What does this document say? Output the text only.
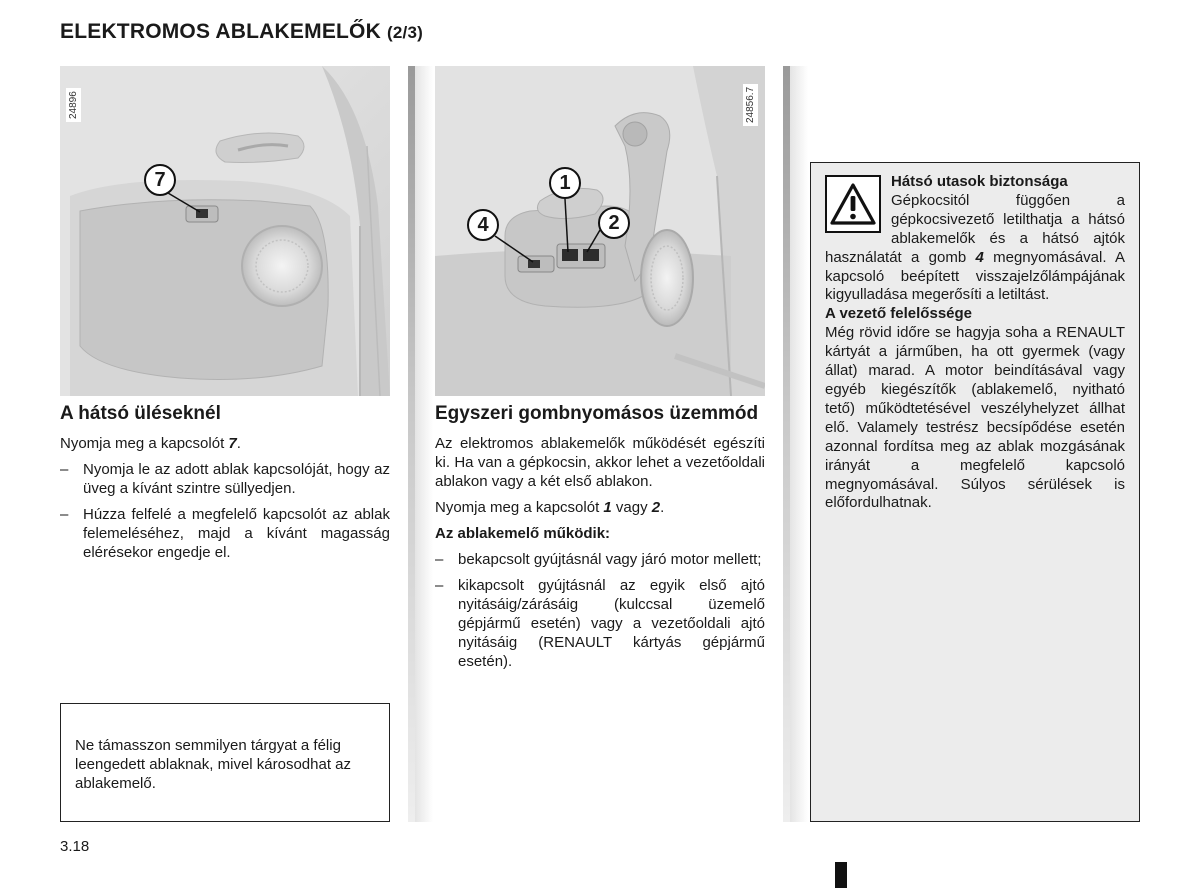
ELEKTROMOS ABLAKEMELŐK (2/3)
24896
7
24856.7
1
2
4
A hátsó üléseknél

Nyomja meg a kapcsolót 7.

– Nyomja le az adott ablak kapcsolóját, hogy az üveg a kívánt szintre süllyedjen.
– Húzza felfelé a megfelelő kapcsolót az ablak felemeléséhez, majd a kívánt magasság elérésekor engedje el.

Ne támasszon semmilyen tárgyat a félig leengedett ablaknak, mivel károsodhat az ablakemelő.

Egyszeri gombnyomásos üzemmód

Az elektromos ablakemelők működését egészíti ki. Ha van a gépkocsin, akkor lehet a vezetőoldali ablakon vagy a két első ablakon.

Nyomja meg a kapcsolót 1 vagy 2.

Az ablakemelő működik:

– bekapcsolt gyújtásnál vagy járó motor mellett;
– kikapcsolt gyújtásnál az egyik első ajtó nyitásáig/zárásáig (kulccsal üzemelő gépjármű esetén) vagy a vezetőoldali ajtó nyitásáig (RENAULT kártyás gépjármű esetén).

Hátsó utasok biztonsága

Gépkocsitól függően a gépkocsivezető letilthatja a hátsó ablakemelők és a hátsó ajtók használatát a gomb 4 megnyomásával. A kapcsoló beépített visszajelzőlámpájának kigyulladása megerősíti a letiltást.

A vezető felelőssége

Még rövid időre se hagyja soha a RENAULT kártyát a járműben, ha ott gyermek (vagy állat) marad. A motor beindításával vagy egyéb kiegészítők (ablakemelő, nyitható tető) működtetésével veszélyhelyzet állhat elő. Valamely testrész becsípődése esetén azonnal fordítsa meg az ablak mozgásának irányát a megfelelő kapcsoló megnyomásával. Súlyos sérülések is előfordulhatnak.

3.18
